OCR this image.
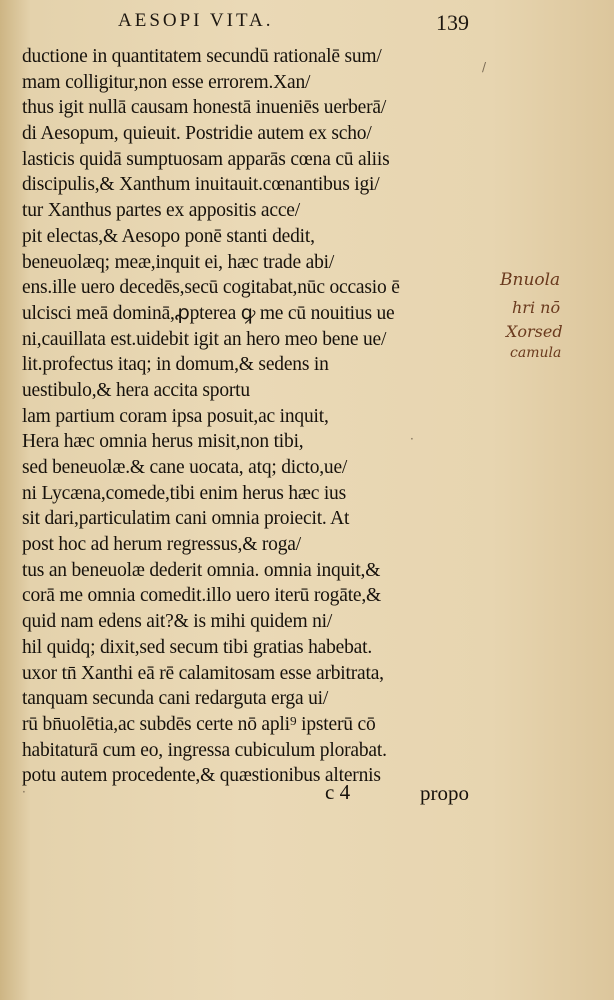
AESOPI VITA.	139
ductione in quantitatem secundū rationalē sum/
mam colligitur,non esse errorem.Xan/
thus igit nullā causam honestā inueniēs uerberā/
di Aesopum, quieuit. Postridie autem ex scho/
lasticis quidā sumptuosam apparās cœna cū aliis
discipulis,& Xanthum inuitauit.cœnantibus igi/
tur Xanthus partes ex appositis acce/
pit electas,& Aesopo ponē stanti dedit,
beneuolæq; meæ,inquit ei, hæc trade abi/
ens.ille uero decedēs,secū cogitabat,nūc occasio ē
ulcisci meā dominā,ꝓpterea ꝙ me cū nouitius ue
ni,cauillata est.uidebit igit an hero meo bene ue/
lit.profectus itaq; in domum,& sedens in
uestibulo,& hera accita sportu
lam partium coram ipsa posuit,ac inquit,
Hera hæc omnia herus misit,non tibi,
sed beneuolæ.& cane uocata, atq; dicto,ue/
ni Lycæna,comede,tibi enim herus hæc ius
sit dari,particulatim cani omnia proiecit. At
post hoc ad herum regressus,& roga/
tus an beneuolæ dederit omnia. omnia inquit,&
corā me omnia comedit.illo uero iterū rogāte,&
quid nam edens ait?& is mihi quidem ni/
hil quidq; dixit,sed secum tibi gratias habebat.
uxor tn̄ Xanthi eā rē calamitosam esse arbitrata,
tanquam secunda cani redarguta erga ui/
rū bn̄uolētia,ac subdēs certe nō apli⁹ ipsterū cō
habitaturā cum eo, ingressa cubiculum plorabat.
potu autem procedente,& quæstionibus alternis
c 4	propo
Bnuola
hri nō
Xorsed
camula
/
·
·
